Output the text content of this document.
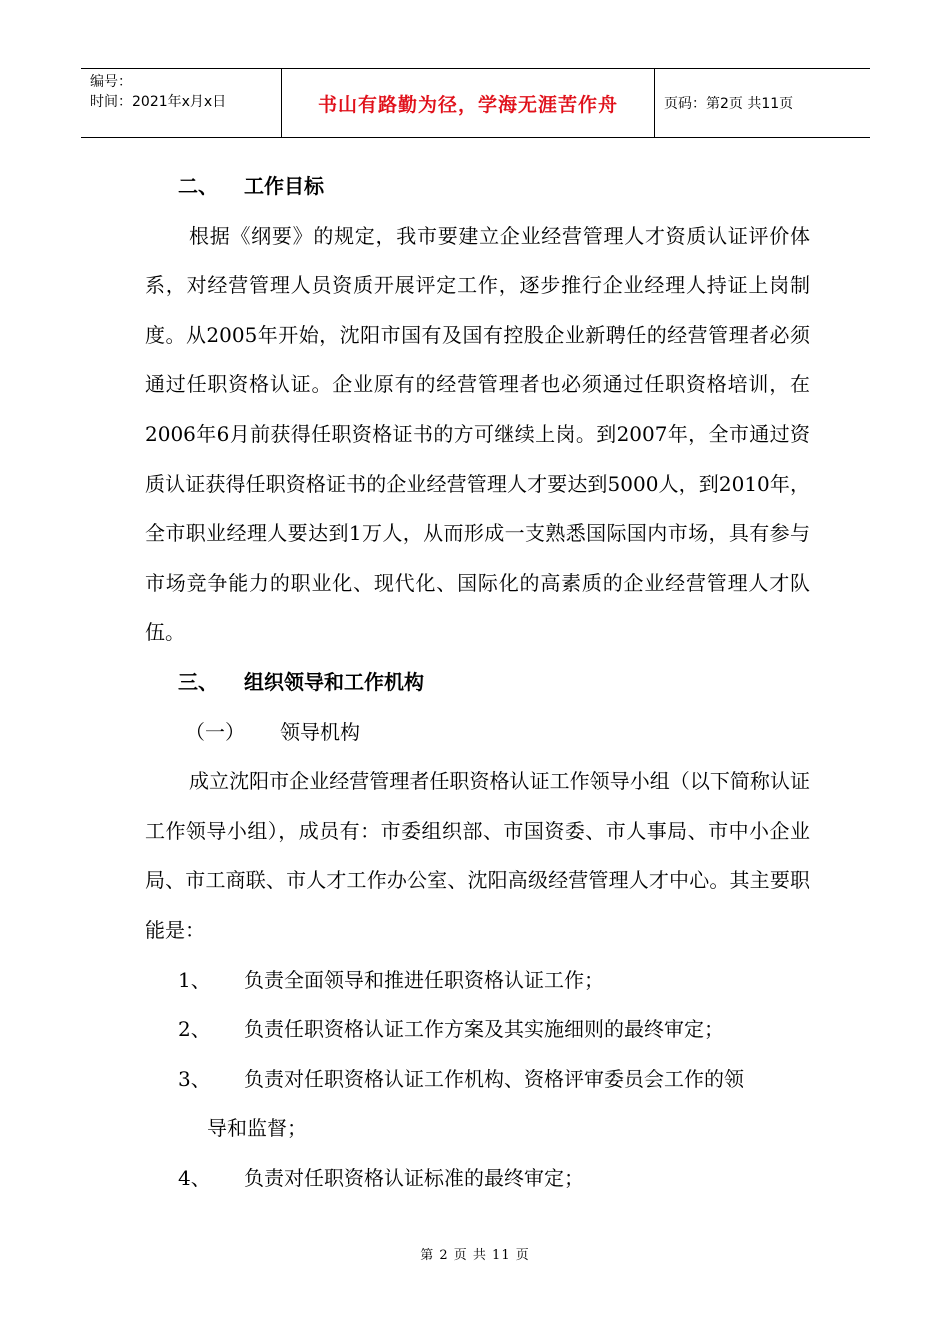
编号：
时间：2021年x月x日	书山有路勤为径，学海无涯苦作舟	页码：第2页 共11页
二、	工作目标

根据《纲要》的规定，我市要建立企业经营管理人才资质认证评价体系，对经营管理人员资质开展评定工作，逐步推行企业经理人持证上岗制度。从2005年开始，沈阳市国有及国有控股企业新聘任的经营管理者必须通过任职资格认证。企业原有的经营管理者也必须通过任职资格培训，在2006年6月前获得任职资格证书的方可继续上岗。到2007年，全市通过资质认证获得任职资格证书的企业经营管理人才要达到5000人，到2010年，全市职业经理人要达到1万人，从而形成一支熟悉国际国内市场，具有参与市场竞争能力的职业化、现代化、国际化的高素质的企业经营管理人才队伍。

三、	组织领导和工作机构
（一）	领导机构

成立沈阳市企业经营管理者任职资格认证工作领导小组（以下简称认证工作领导小组），成员有：市委组织部、市国资委、市人事局、市中小企业局、市工商联、市人才工作办公室、沈阳高级经营管理人才中心。其主要职能是：

1、	负责全面领导和推进任职资格认证工作；
2、	负责任职资格认证工作方案及其实施细则的最终审定；
3、	负责对任职资格认证工作机构、资格评审委员会工作的领
导和监督；
4、	负责对任职资格认证标准的最终审定；
第 2 页 共 11 页
